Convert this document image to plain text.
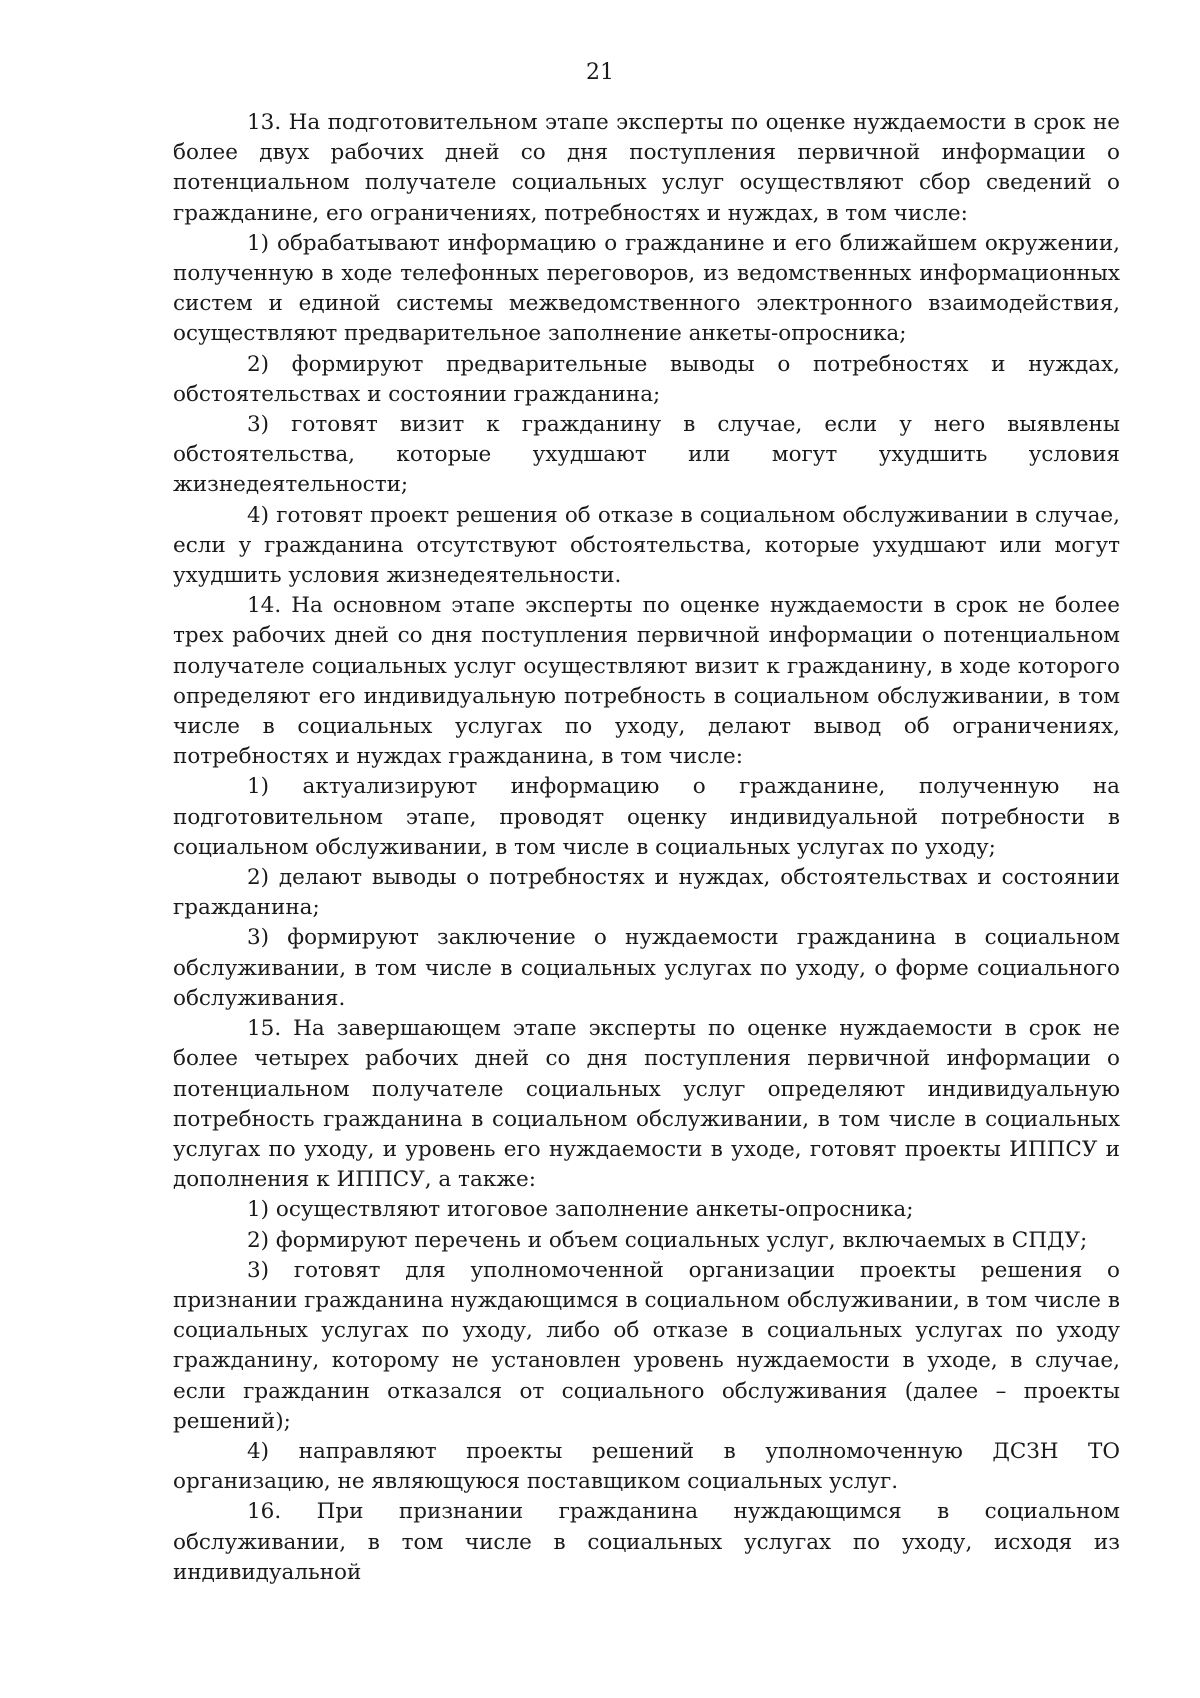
21

13. На подготовительном этапе эксперты по оценке нуждаемости в срок не более двух рабочих дней со дня поступления первичной информации о потенциальном получателе социальных услуг осуществляют сбор сведений о гражданине, его ограничениях, потребностях и нуждах, в том числе:

1) обрабатывают информацию о гражданине и его ближайшем окружении, полученную в ходе телефонных переговоров, из ведомственных информационных систем и единой системы межведомственного электронного взаимодействия, осуществляют предварительное заполнение анкеты-опросника;

2) формируют предварительные выводы о потребностях и нуждах, обстоятельствах и состоянии гражданина;

3) готовят визит к гражданину в случае, если у него выявлены обстоятельства, которые ухудшают или могут ухудшить условия жизнедеятельности;

4) готовят проект решения об отказе в социальном обслуживании в случае, если у гражданина отсутствуют обстоятельства, которые ухудшают или могут ухудшить условия жизнедеятельности.

14. На основном этапе эксперты по оценке нуждаемости в срок не более трех рабочих дней со дня поступления первичной информации о потенциальном получателе социальных услуг осуществляют визит к гражданину, в ходе которого определяют его индивидуальную потребность в социальном обслуживании, в том числе в социальных услугах по уходу, делают вывод об ограничениях, потребностях и нуждах гражданина, в том числе:

1) актуализируют информацию о гражданине, полученную на подготовительном этапе, проводят оценку индивидуальной потребности в социальном обслуживании, в том числе в социальных услугах по уходу;

2) делают выводы о потребностях и нуждах, обстоятельствах и состоянии гражданина;

3) формируют заключение о нуждаемости гражданина в социальном обслуживании, в том числе в социальных услугах по уходу, о форме социального обслуживания.

15. На завершающем этапе эксперты по оценке нуждаемости в срок не более четырех рабочих дней со дня поступления первичной информации о потенциальном получателе социальных услуг определяют индивидуальную потребность гражданина в социальном обслуживании, в том числе в социальных услугах по уходу, и уровень его нуждаемости в уходе, готовят проекты ИППСУ и дополнения к ИППСУ, а также:

1) осуществляют итоговое заполнение анкеты-опросника;

2) формируют перечень и объем социальных услуг, включаемых в СПДУ;

3) готовят для уполномоченной организации проекты решения о признании гражданина нуждающимся в социальном обслуживании, в том числе в социальных услугах по уходу, либо об отказе в социальных услугах по уходу гражданину, которому не установлен уровень нуждаемости в уходе, в случае, если гражданин отказался от социального обслуживания (далее – проекты решений);

4) направляют проекты решений в уполномоченную ДСЗН ТО организацию, не являющуюся поставщиком социальных услуг.

16. При признании гражданина нуждающимся в социальном обслуживании, в том числе в социальных услугах по уходу, исходя из индивидуальной
